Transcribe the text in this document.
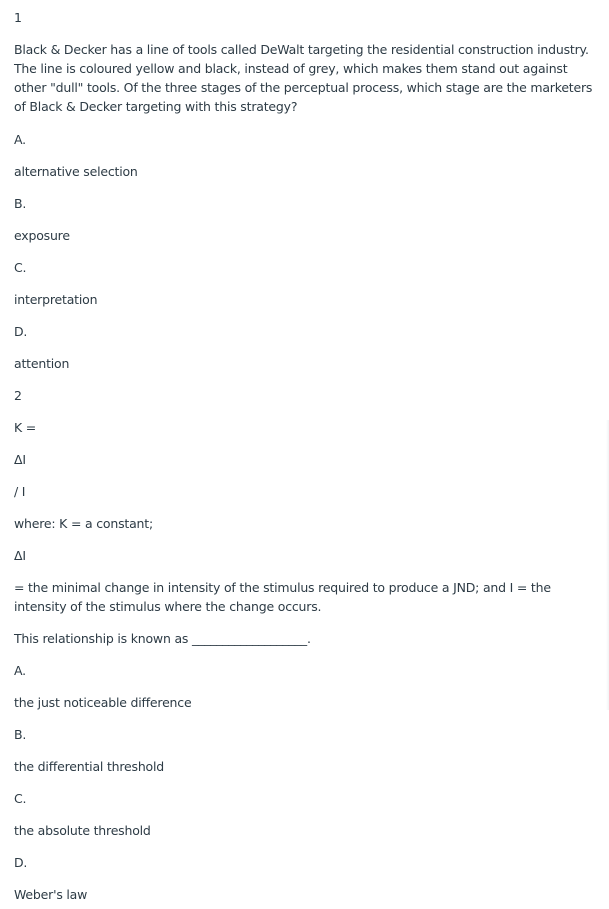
1
Black & Decker has a line of tools called DeWalt targeting the residential construction industry. The line is coloured yellow and black, instead of grey, which makes them stand out against other "dull" tools. Of the three stages of the perceptual process, which stage are the marketers of Black & Decker targeting with this strategy?
A.
alternative selection
B.
exposure
C.
interpretation
D.
attention
2
K =
ΔI
/ I
where: K = a constant;
ΔI
= the minimal change in intensity of the stimulus required to produce a JND; and I = the intensity of the stimulus where the change occurs.
This relationship is known as ___________________.
A.
the just noticeable difference
B.
the differential threshold
C.
the absolute threshold
D.
Weber's law
